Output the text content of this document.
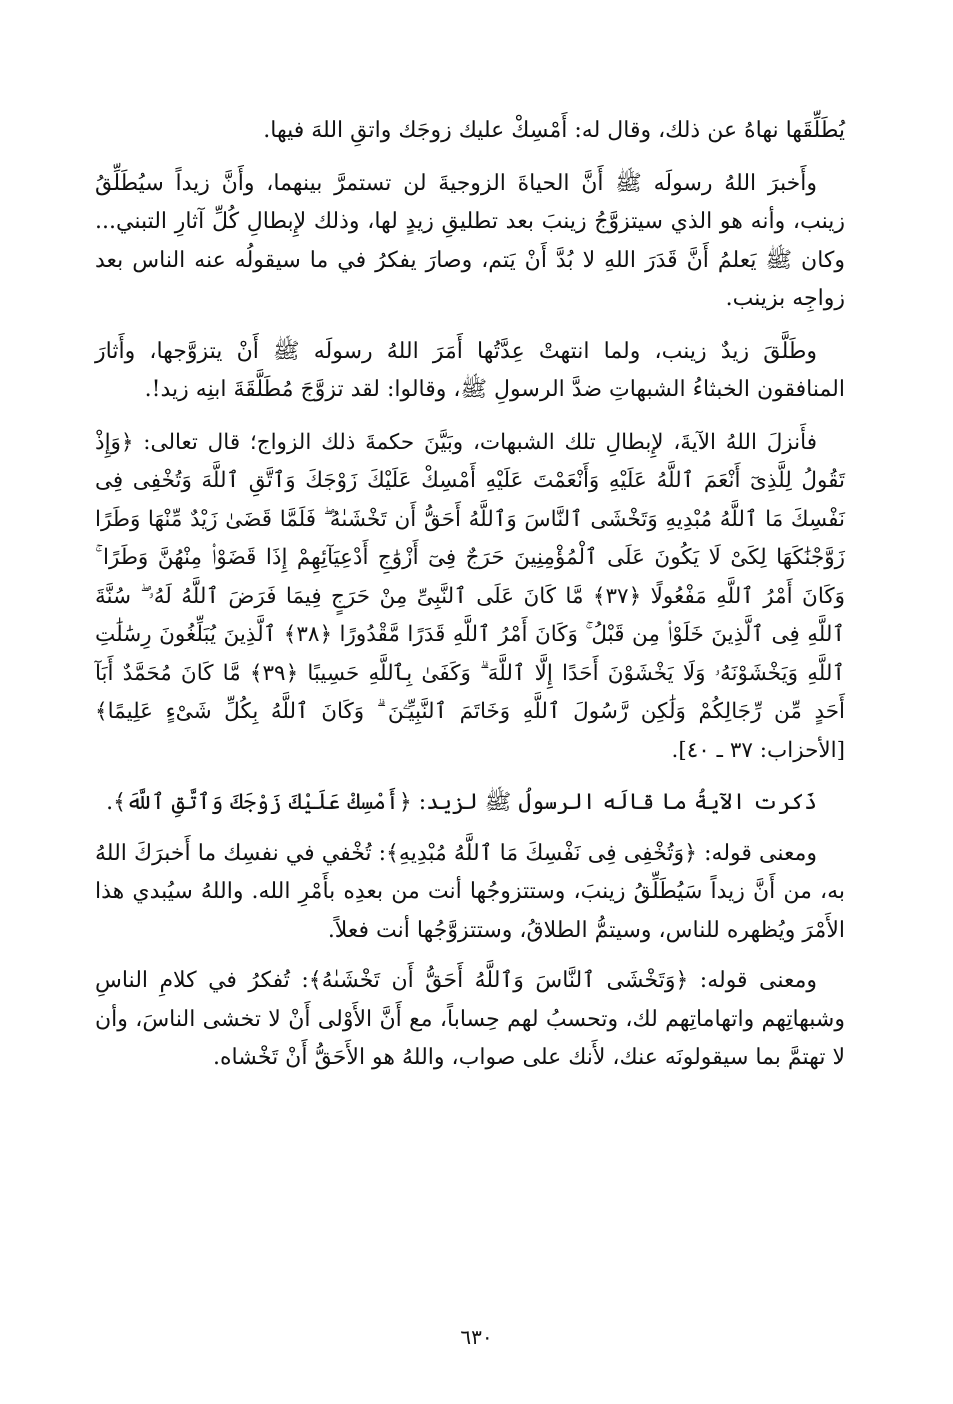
يُطَلِّقَها نهاهُ عن ذلك، وقال له: أَمْسِكْ عليك زوجَك واتقِ اللهَ فيها.

وأَخبرَ اللهُ رسولَه ﷺ أَنَّ الحياةَ الزوجيةَ لن تستمرَّ بينهما، وأَنَّ زيداً سيُطَلِّقُ زينب، وأنه هو الذي سيتزوَّجُ زينبَ بعد تطليقِ زيدٍ لها، وذلك لإِبطالِ كُلِّ آثارِ التبني... وكان ﷺ يَعلمُ أَنَّ قَدَرَ اللهِ لا بُدَّ أَنْ يَتم، وصارَ يفكرُ في ما سيقولُه عنه الناس بعد زواجِه بزينب.

وطَلَّقَ زيدٌ زينب، ولما انتهتْ عِدَّتُها أَمَرَ اللهُ رسولَه ﷺ أَنْ يتزوَّجها، وأَثارَ المنافقون الخبثاءُ الشبهاتِ ضدَّ الرسولِ ﷺ، وقالوا: لقد تزوَّجَ مُطَلَّقَةَ ابنِه زيد!.

فأَنزلَ اللهُ الآيةَ، لإِبطالِ تلك الشبهات، وبَيَّنَ حكمةَ ذلك الزواج؛ قال تعالى: ﴿وَإِذْ تَقُولُ لِلَّذِىٓ أَنْعَمَ ٱللَّهُ عَلَيْهِ وَأَنْعَمْتَ عَلَيْهِ أَمْسِكْ عَلَيْكَ زَوْجَكَ وَٱتَّقِ ٱللَّهَ وَتُخْفِى فِى نَفْسِكَ مَا ٱللَّهُ مُبْدِيهِ وَتَخْشَى ٱلنَّاسَ وَٱللَّهُ أَحَقُّ أَن تَخْشَىٰهُ ۖ فَلَمَّا قَضَىٰ زَيْدٌ مِّنْهَا وَطَرًا زَوَّجْنَٰكَهَا لِكَىْ لَا يَكُونَ عَلَى ٱلْمُؤْمِنِينَ حَرَجٌ فِىٓ أَزْوَٰجِ أَدْعِيَآئِهِمْ إِذَا قَضَوْا۟ مِنْهُنَّ وَطَرًا ۚ وَكَانَ أَمْرُ ٱللَّهِ مَفْعُولًا ﴿٣٧﴾ مَّا كَانَ عَلَى ٱلنَّبِىِّ مِنْ حَرَجٍ فِيمَا فَرَضَ ٱللَّهُ لَهُۥ ۖ سُنَّةَ ٱللَّهِ فِى ٱلَّذِينَ خَلَوْا۟ مِن قَبْلُ ۚ وَكَانَ أَمْرُ ٱللَّهِ قَدَرًا مَّقْدُورًا ﴿٣٨﴾ ٱلَّذِينَ يُبَلِّغُونَ رِسَٰلَٰتِ ٱللَّهِ وَيَخْشَوْنَهُۥ وَلَا يَخْشَوْنَ أَحَدًا إِلَّا ٱللَّهَ ۗ وَكَفَىٰ بِٱللَّهِ حَسِيبًا ﴿٣٩﴾ مَّا كَانَ مُحَمَّدٌ أَبَآ أَحَدٍ مِّن رِّجَالِكُمْ وَلَٰكِن رَّسُولَ ٱللَّهِ وَخَاتَمَ ٱلنَّبِيِّـۧنَ ۗ وَكَانَ ٱللَّهُ بِكُلِّ شَىْءٍ عَلِيمًا﴾ [الأحزاب: ٣٧ ـ ٤٠].

ذَكرت الآيةُ ما قالَه الرسولُ ﷺ لزيد: ﴿أَمْسِكْ عَلَيْكَ زَوْجَكَ وَٱتَّقِ ٱللَّهَ﴾.

ومعنى قوله: ﴿وَتُخْفِى فِى نَفْسِكَ مَا ٱللَّهُ مُبْدِيهِ﴾: تُخْفي في نفسِك ما أَخبرَكَ اللهُ به، من أَنَّ زيداً سَيُطَلِّقُ زينبَ، وستتزوجُها أنت من بعدِه بأَمْرِ الله. واللهُ سيُبدي هذا الأَمْرَ ويُظهره للناس، وسيتمُّ الطلاقُ، وستتزوَّجُها أنت فعلاً.

ومعنى قوله: ﴿وَتَخْشَى ٱلنَّاسَ وَٱللَّهُ أَحَقُّ أَن تَخْشَىٰهُ﴾: تُفكرُ في كلامِ الناسِ وشبهاتِهم واتهاماتِهم لك، وتحسبُ لهم حِساباً، مع أَنَّ الأَوْلى أَنْ لا تخشى الناسَ، وأن لا تهتمَّ بما سيقولونَه عنك، لأَنك على صواب، واللهُ هو الأَحَقُّ أَنْ تَخْشاه.

٦٣٠
